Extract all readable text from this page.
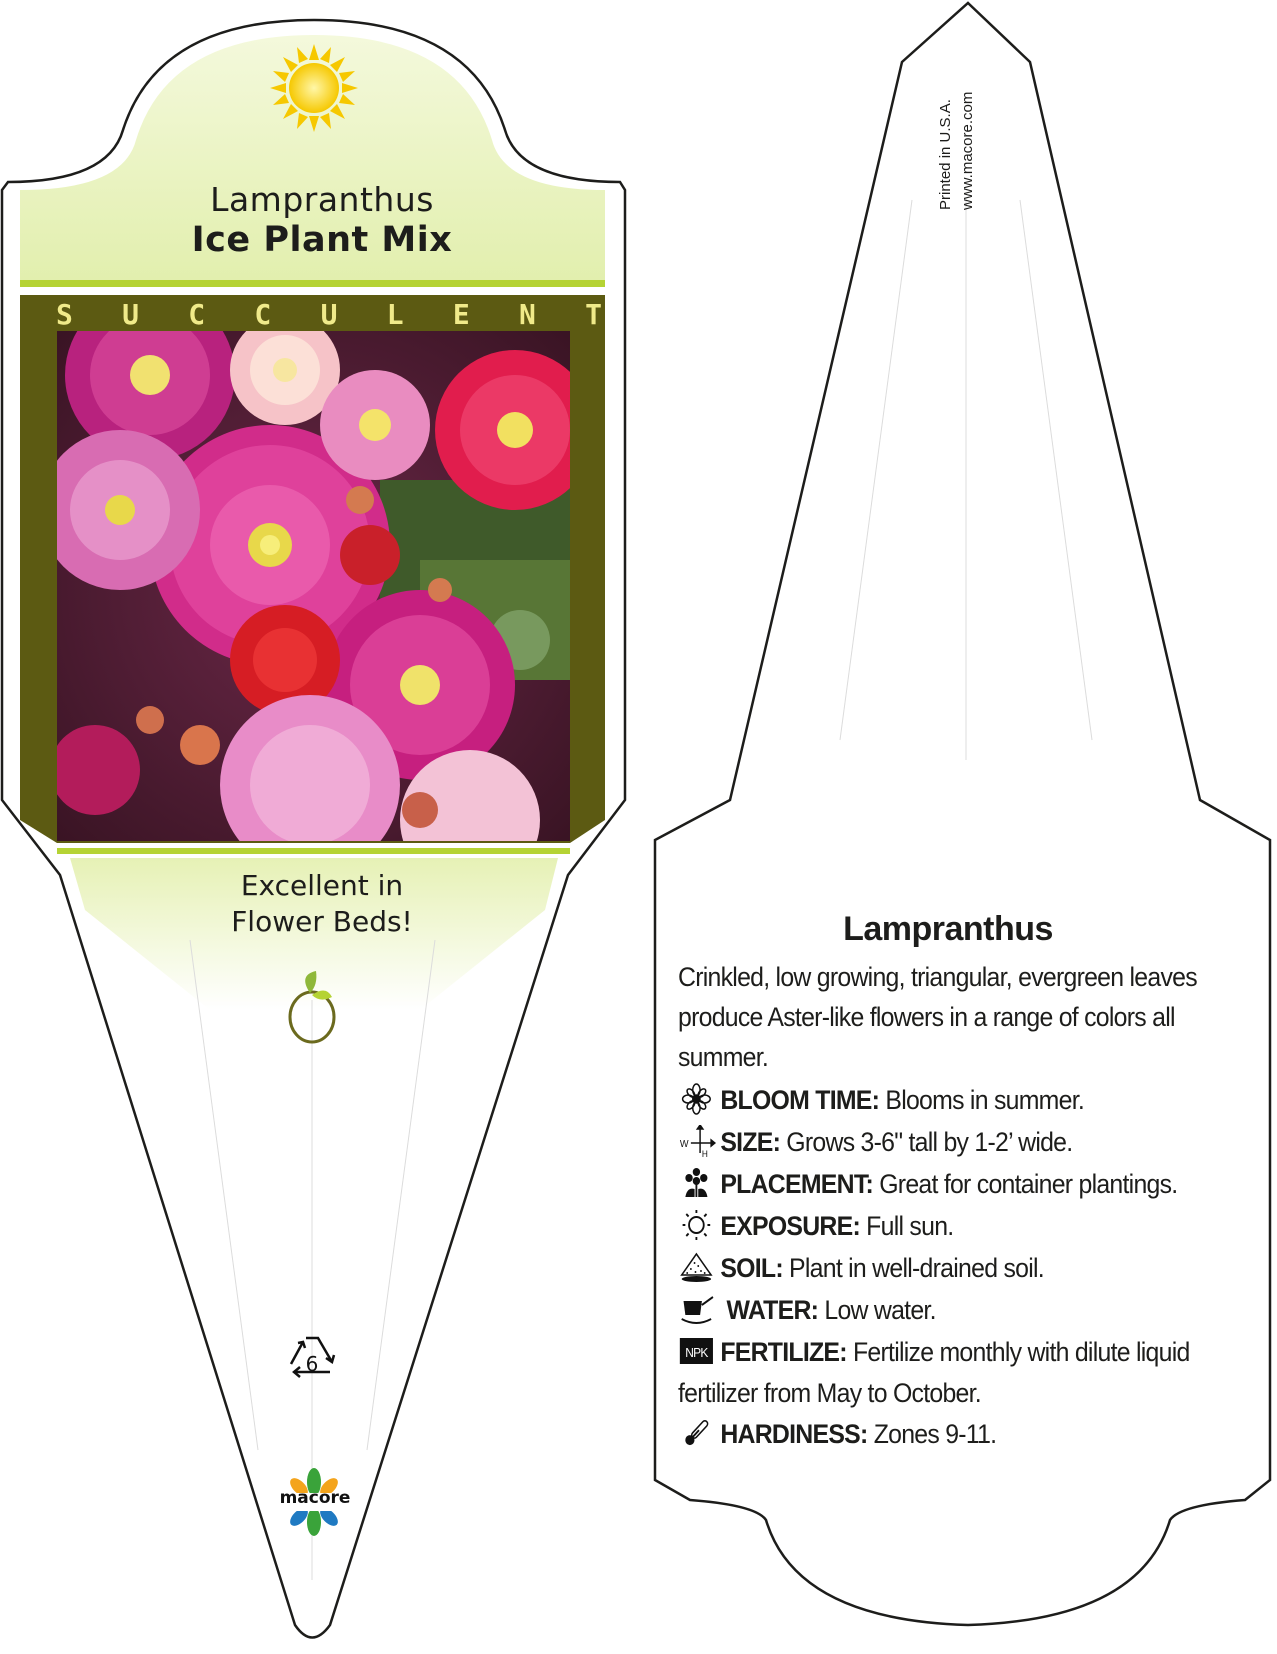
Lampranthus
Ice Plant Mix
S U C C U L E N T
Excellent in
Flower Beds!
6
macore
Printed in U.S.A. www.macore.com
Lampranthus
Crinkled, low growing, triangular, evergreen leaves produce Aster-like flowers in a range of colors all summer.
BLOOM TIME: Blooms in summer.
W
H SIZE: Grows 3-6" tall by 1-2’ wide.
PLACEMENT: Great for container plantings.
EXPOSURE: Full sun.
SOIL: Plant in well-drained soil.
WATER: Low water.
NPK FERTILIZE: Fertilize monthly with dilute liquid
fertilizer from May to October.
HARDINESS: Zones 9-11.
